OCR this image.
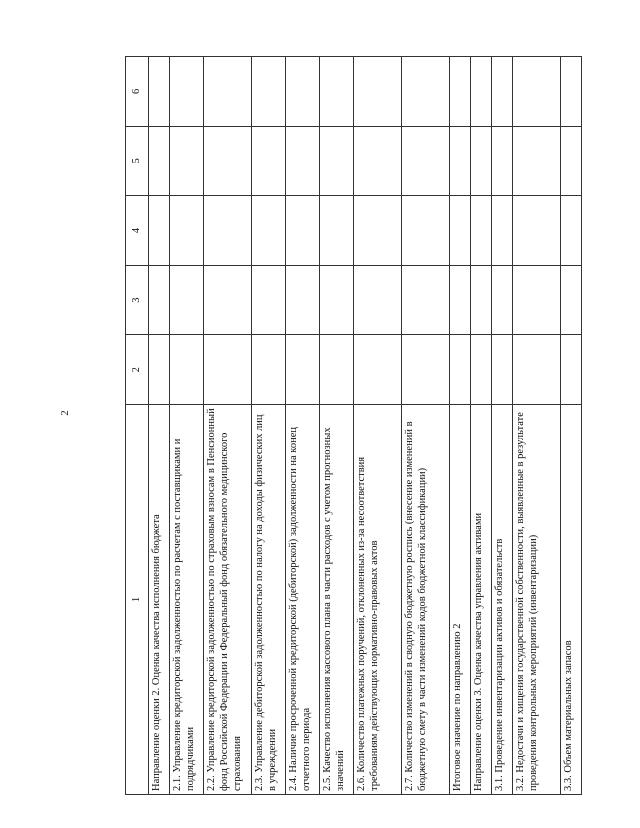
2
1	2	3	4	5	6
Направление оценки 2. Оценка качества исполнения бюджета					
2.1. Управление кредиторской задолженностью по расчетам с поставщиками и подрядчиками					
2.2. Управление кредиторской задолженностью по страховым взносам в Пенсионный фонд Российской Федерации и Федеральный фонд обязательного медицинского страхования					
2.3. Управление дебиторской задолженностью по налогу на доходы физических лиц в учреждении					
2.4. Наличие просроченной кредиторской (дебиторской) задолженности на конец отчетного периода					
2.5. Качество исполнения кассового плана в части расходов с учетом прогнозных значений					
2.6. Количество платежных поручений, отклоненных из-за несоответствия требованиям действующих нормативно-правовых актов					
2.7. Количество изменений в сводную бюджетную роспись (внесение изменений в бюджетную смету в части изменений кодов бюджетной классификации)					
Итоговое значение по направлению 2					
Направление оценки 3. Оценка качества управления активами					
3.1. Проведение инвентаризации активов и обязательств					
3.2. Недостачи и хищения государственной собственности, выявленные в результате проведения контрольных мероприятий (инвентаризации)					
3.3. Объем материальных запасов					
